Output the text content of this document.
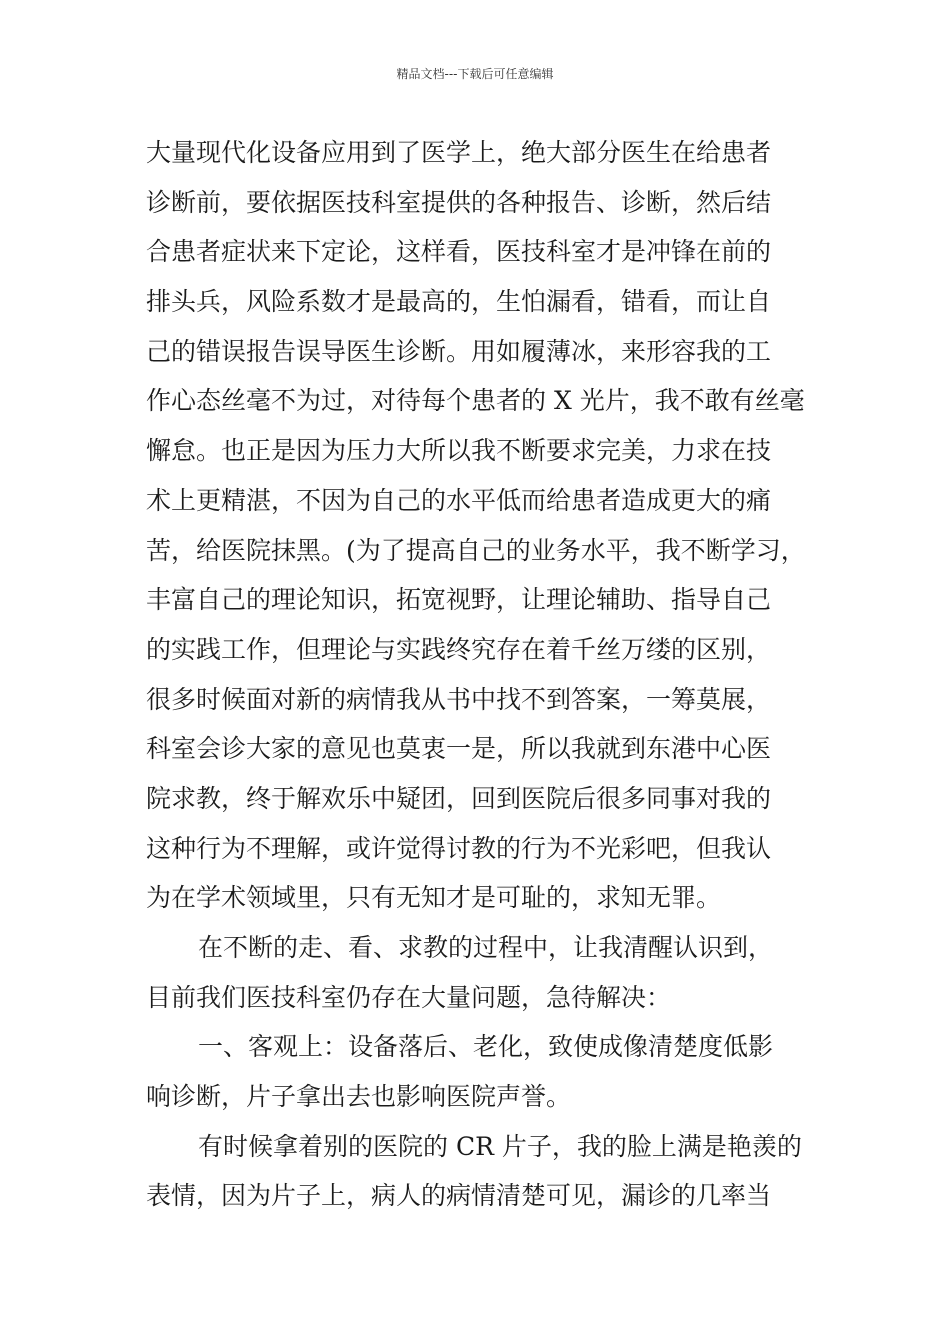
精品文档---下载后可任意编辑
大量现代化设备应用到了医学上，绝大部分医生在给患者
诊断前，要依据医技科室提供的各种报告、诊断，然后结
合患者症状来下定论，这样看，医技科室才是冲锋在前的
排头兵，风险系数才是最高的，生怕漏看，错看，而让自
己的错误报告误导医生诊断。用如履薄冰，来形容我的工
作心态丝毫不为过，对待每个患者的 X 光片，我不敢有丝毫
懈怠。也正是因为压力大所以我不断要求完美，力求在技
术上更精湛，不因为自己的水平低而给患者造成更大的痛
苦，给医院抹黑。(为了提高自己的业务水平，我不断学习，
丰富自己的理论知识，拓宽视野，让理论辅助、指导自己
的实践工作，但理论与实践终究存在着千丝万缕的区别，
很多时候面对新的病情我从书中找不到答案，一筹莫展，
科室会诊大家的意见也莫衷一是，所以我就到东港中心医
院求教，终于解欢乐中疑团，回到医院后很多同事对我的
这种行为不理解，或许觉得讨教的行为不光彩吧，但我认
为在学术领域里，只有无知才是可耻的，求知无罪。
在不断的走、看、求教的过程中，让我清醒认识到，
目前我们医技科室仍存在大量问题，急待解决：
一、客观上：设备落后、老化，致使成像清楚度低影
响诊断，片子拿出去也影响医院声誉。
有时候拿着别的医院的 CR 片子，我的脸上满是艳羡的
表情，因为片子上，病人的病情清楚可见，漏诊的几率当
